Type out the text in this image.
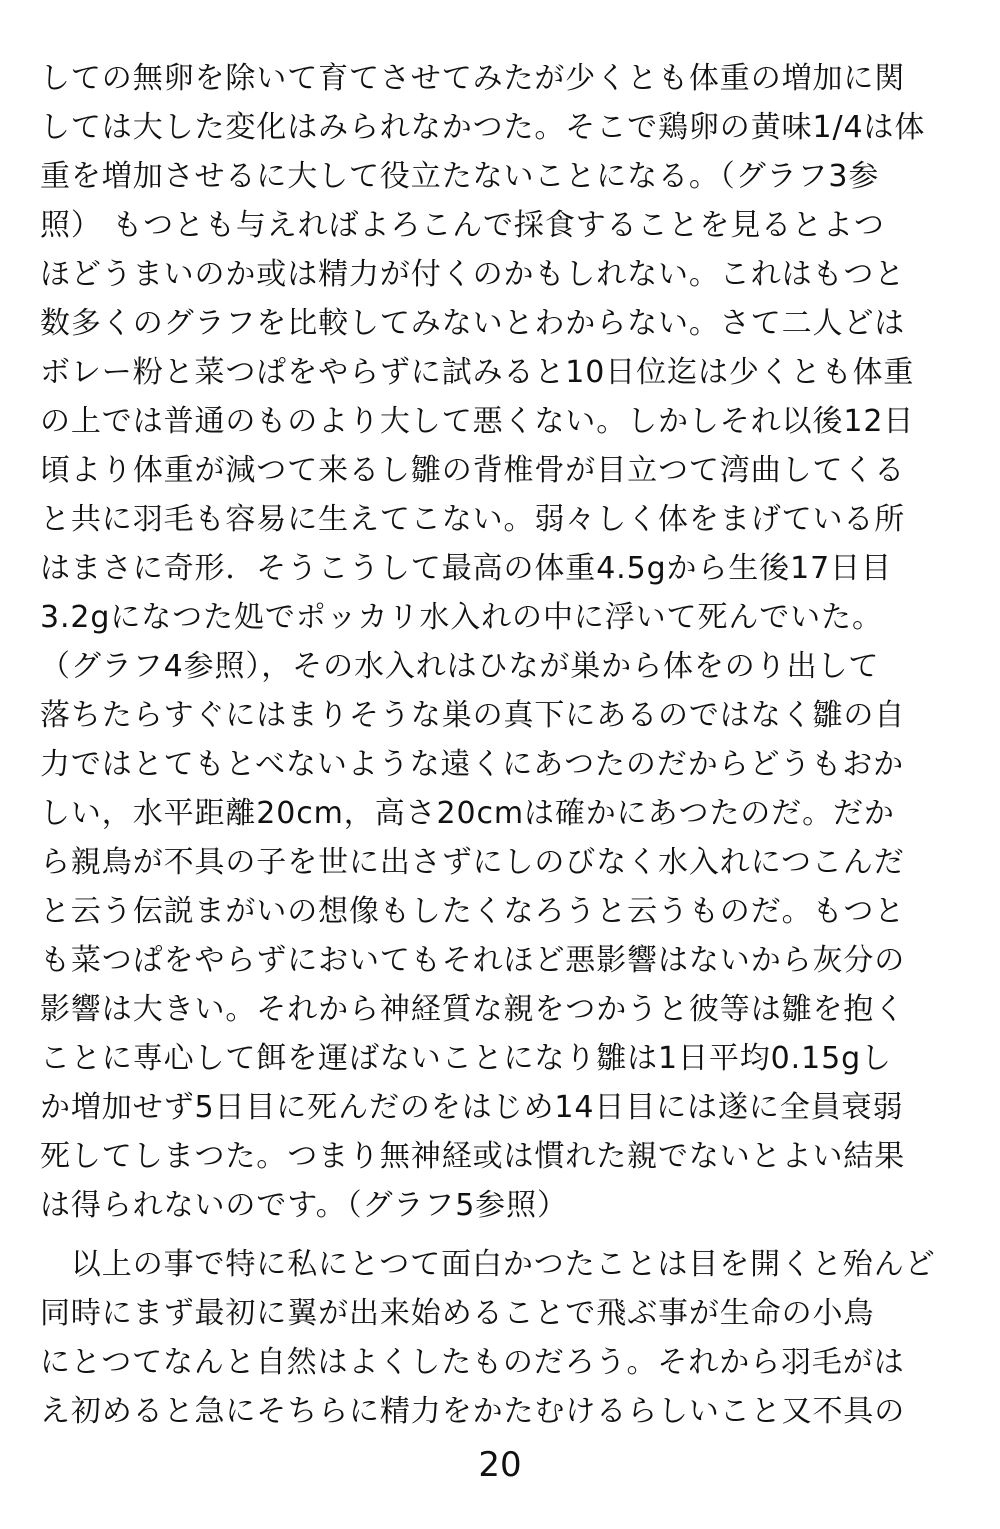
しての無卵を除いて育てさせてみたが少くとも体重の増加に関
しては大した変化はみられなかつた。そこで鶏卵の黄味1/4は体
重を増加させるに大して役立たないことになる。（グラフ3参
照） もつとも与えればよろこんで採食することを見るとよつ
ほどうまいのか或は精力が付くのかもしれない。これはもつと
数多くのグラフを比較してみないとわからない。さて二人どは
ボレー粉と菜つぱをやらずに試みると10日位迄は少くとも体重
の上では普通のものより大して悪くない。しかしそれ以後12日
頃より体重が減つて来るし雛の背椎骨が目立つて湾曲してくる
と共に羽毛も容易に生えてこない。弱々しく体をまげている所
はまさに奇形．そうこうして最高の体重4.5gから生後17日目
3.2gになつた処でポッカリ水入れの中に浮いて死んでいた。
（グラフ4参照），その水入れはひなが巣から体をのり出して
落ちたらすぐにはまりそうな巣の真下にあるのではなく雛の自
力ではとてもとべないような遠くにあつたのだからどうもおか
しい，水平距離20cm，高さ20cmは確かにあつたのだ。だか
ら親鳥が不具の子を世に出さずにしのびなく水入れにつこんだ
と云う伝説まがいの想像もしたくなろうと云うものだ。もつと
も菜つぱをやらずにおいてもそれほど悪影響はないから灰分の
影響は大きい。それから神経質な親をつかうと彼等は雛を抱く
ことに専心して餌を運ばないことになり雛は1日平均0.15gし
か増加せず5日目に死んだのをはじめ14日目には遂に全員衰弱
死してしまつた。つまり無神経或は慣れた親でないとよい結果
は得られないのです。（グラフ5参照）
　以上の事で特に私にとつて面白かつたことは目を開くと殆んど
同時にまず最初に翼が出来始めることで飛ぶ事が生命の小鳥
にとつてなんと自然はよくしたものだろう。それから羽毛がは
え初めると急にそちらに精力をかたむけるらしいこと又不具の
20
